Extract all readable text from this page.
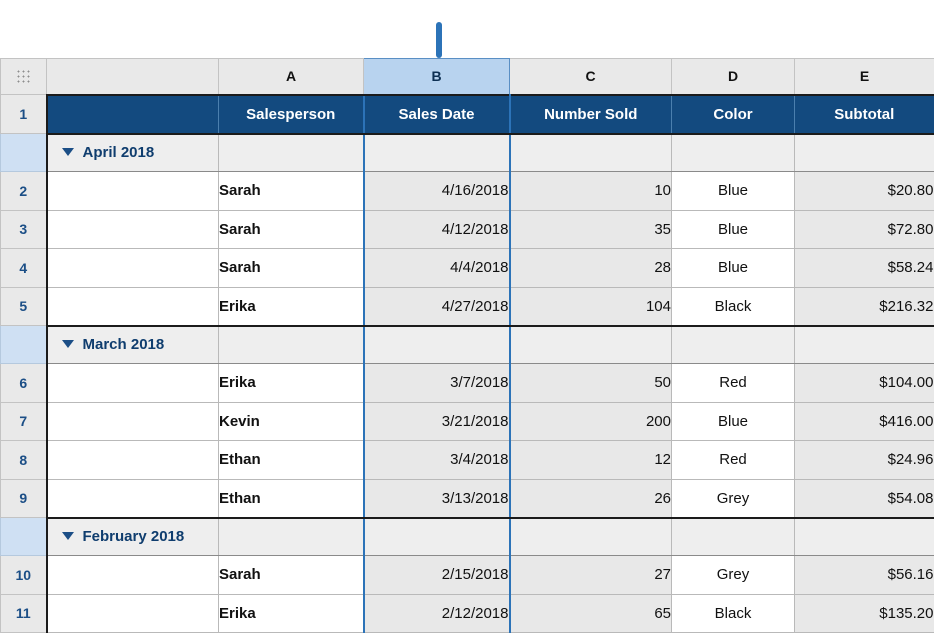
		A	B	C	D	E
1		Salesperson	Sales Date	Number Sold	Color	Subtotal
	April 2018					
2		Sarah	4/16/2018	10	Blue	$20.80
3		Sarah	4/12/2018	35	Blue	$72.80
4		Sarah	4/4/2018	28	Blue	$58.24
5		Erika	4/27/2018	104	Black	$216.32
	March 2018					
6		Erika	3/7/2018	50	Red	$104.00
7		Kevin	3/21/2018	200	Blue	$416.00
8		Ethan	3/4/2018	12	Red	$24.96
9		Ethan	3/13/2018	26	Grey	$54.08
	February 2018					
10		Sarah	2/15/2018	27	Grey	$56.16
11		Erika	2/12/2018	65	Black	$135.20
